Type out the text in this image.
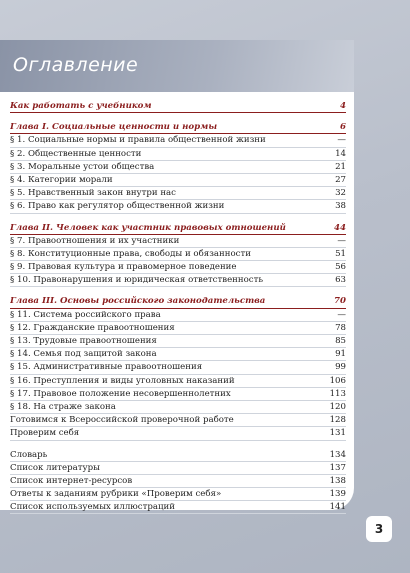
Оглавление
Как работать с учебником	4
Глава I. Социальные ценности и нормы	6
§ 1. Социальные нормы и правила общественной жизни	—
§ 2. Общественные ценности	14
§ 3. Моральные устои общества	21
§ 4. Категории морали	27
§ 5. Нравственный закон внутри нас	32
§ 6. Право как регулятор общественной жизни	38
Глава II. Человек как участник правовых отношений	44
§ 7. Правоотношения и их участники	—
§ 8. Конституционные права, свободы и обязанности	51
§ 9. Правовая культура и правомерное поведение	56
§ 10. Правонарушения и юридическая ответственность	63
Глава III. Основы российского законодательства	70
§ 11. Система российского права	—
§ 12. Гражданские правоотношения	78
§ 13. Трудовые правоотношения	85
§ 14. Семья под защитой закона	91
§ 15. Административные правоотношения	99
§ 16. Преступления и виды уголовных наказаний	106
§ 17. Правовое положение несовершеннолетних	113
§ 18. На страже закона	120
Готовимся к Всероссийской проверочной работе	128
Проверим себя	131
Словарь	134
Список литературы	137
Список интернет-ресурсов	138
Ответы к заданиям рубрики «Проверим себя»	139
Список используемых иллюстраций	141
3
